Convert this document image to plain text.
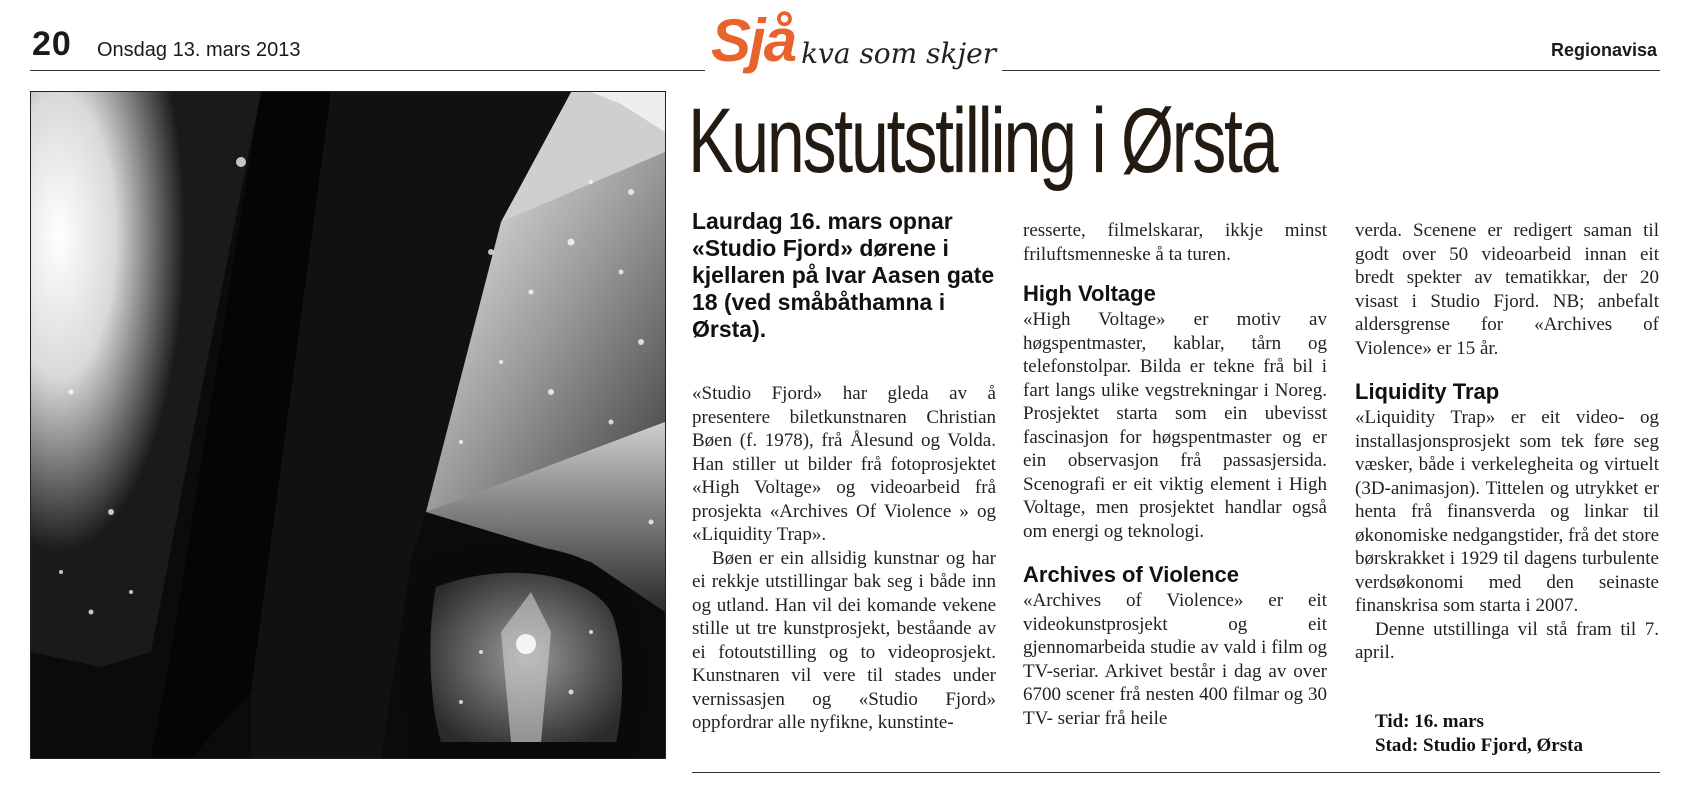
20 Onsdag 13. mars 2013	Sjå kva som skjer	Regionavisa
Kunstutstilling i Ørsta

Laurdag 16. mars opnar «Studio Fjord» dørene i kjellaren på Ivar Aasen gate 18 (ved småbåthamna i Ørsta).

«Studio Fjord» har gleda av å presentere biletkunstnaren Christian Bøen (f. 1978), frå Ålesund og Volda. Han stiller ut bilder frå fotoprosjektet «High Voltage» og videoarbeid frå prosjekta «Archives Of Violence » og «Liquidity Trap».

Bøen er ein allsidig kunstnar og har ei rekkje utstillingar bak seg i både inn og utland. Han vil dei komande vekene stille ut tre kunstprosjekt, beståande av ei fotoutstilling og to videoprosjekt. Kunstnaren vil vere til stades under vernissasjen og «Studio Fjord» oppfordrar alle nyfikne, kunstinte-

resserte, filmelskarar, ikkje minst friluftsmenneske å ta turen.

High Voltage

«High Voltage» er motiv av høgspentmaster, kablar, tårn og telefonstolpar. Bilda er tekne frå bil i fart langs ulike vegstrekningar i Noreg. Prosjektet starta som ein ubevisst fascinasjon for høgspentmaster og er ein observasjon frå passasjersida. Scenografi er eit viktig element i High Voltage, men prosjektet handlar også om energi og teknologi.

Archives of Violence

«Archives of Violence» er eit videokunstprosjekt og eit gjennomarbeida studie av vald i film og TV-seriar. Arkivet består i dag av over 6700 scener frå nesten 400 filmar og 30 TV- seriar frå heile

verda. Scenene er redigert saman til godt over 50 videoarbeid innan eit bredt spekter av tematikkar, der 20 visast i Studio Fjord. NB; anbefalt aldersgrense for «Archives of Violence» er 15 år.

Liquidity Trap

«Liquidity Trap» er eit video- og installasjonsprosjekt som tek føre seg væsker, både i verkelegheita og virtuelt (3D-animasjon). Tittelen og utrykket er henta frå finansverda og linkar til økonomiske nedgangstider, frå det store børskrakket i 1929 til dagens turbulente verdsøkonomi med den seinaste finanskrisa som starta i 2007.

Denne utstillinga vil stå fram til 7. april.

Tid: 16. mars
Stad: Studio Fjord, Ørsta
